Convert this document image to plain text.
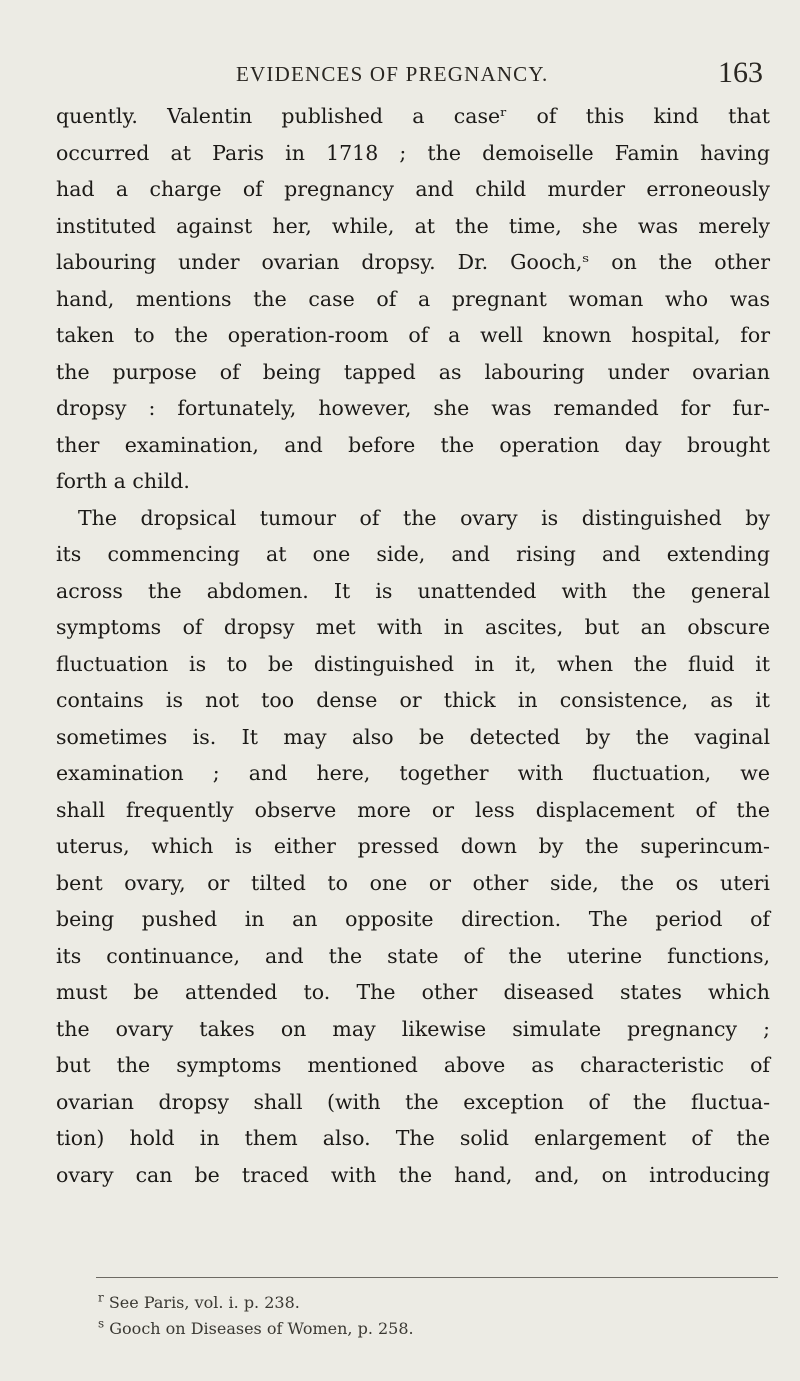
EVIDENCES OF PREGNANCY.	163
quently. Valentin published a caseʳ of this kind that
occurred at Paris in 1718 ; the demoiselle Famin having
had a charge of pregnancy and child murder erroneously
instituted against her, while, at the time, she was merely
labouring under ovarian dropsy. Dr. Gooch,ˢ on the other
hand, mentions the case of a pregnant woman who was
taken to the operation-room of a well known hospital, for
the purpose of being tapped as labouring under ovarian
dropsy : fortunately, however, she was remanded for fur-
ther examination, and before the operation day brought
forth a child.
The dropsical tumour of the ovary is distinguished by
its commencing at one side, and rising and extending
across the abdomen. It is unattended with the general
symptoms of dropsy met with in ascites, but an obscure
fluctuation is to be distinguished in it, when the fluid it
contains is not too dense or thick in consistence, as it
sometimes is. It may also be detected by the vaginal
examination ; and here, together with fluctuation, we
shall frequently observe more or less displacement of the
uterus, which is either pressed down by the superincum-
bent ovary, or tilted to one or other side, the os uteri
being pushed in an opposite direction. The period of
its continuance, and the state of the uterine functions,
must be attended to. The other diseased states which
the ovary takes on may likewise simulate pregnancy ;
but the symptoms mentioned above as characteristic of
ovarian dropsy shall (with the exception of the fluctua-
tion) hold in them also. The solid enlargement of the
ovary can be traced with the hand, and, on introducing
$^r$ See Paris, vol. i. p. 238.
$^s$ Gooch on Diseases of Women, p. 258.
